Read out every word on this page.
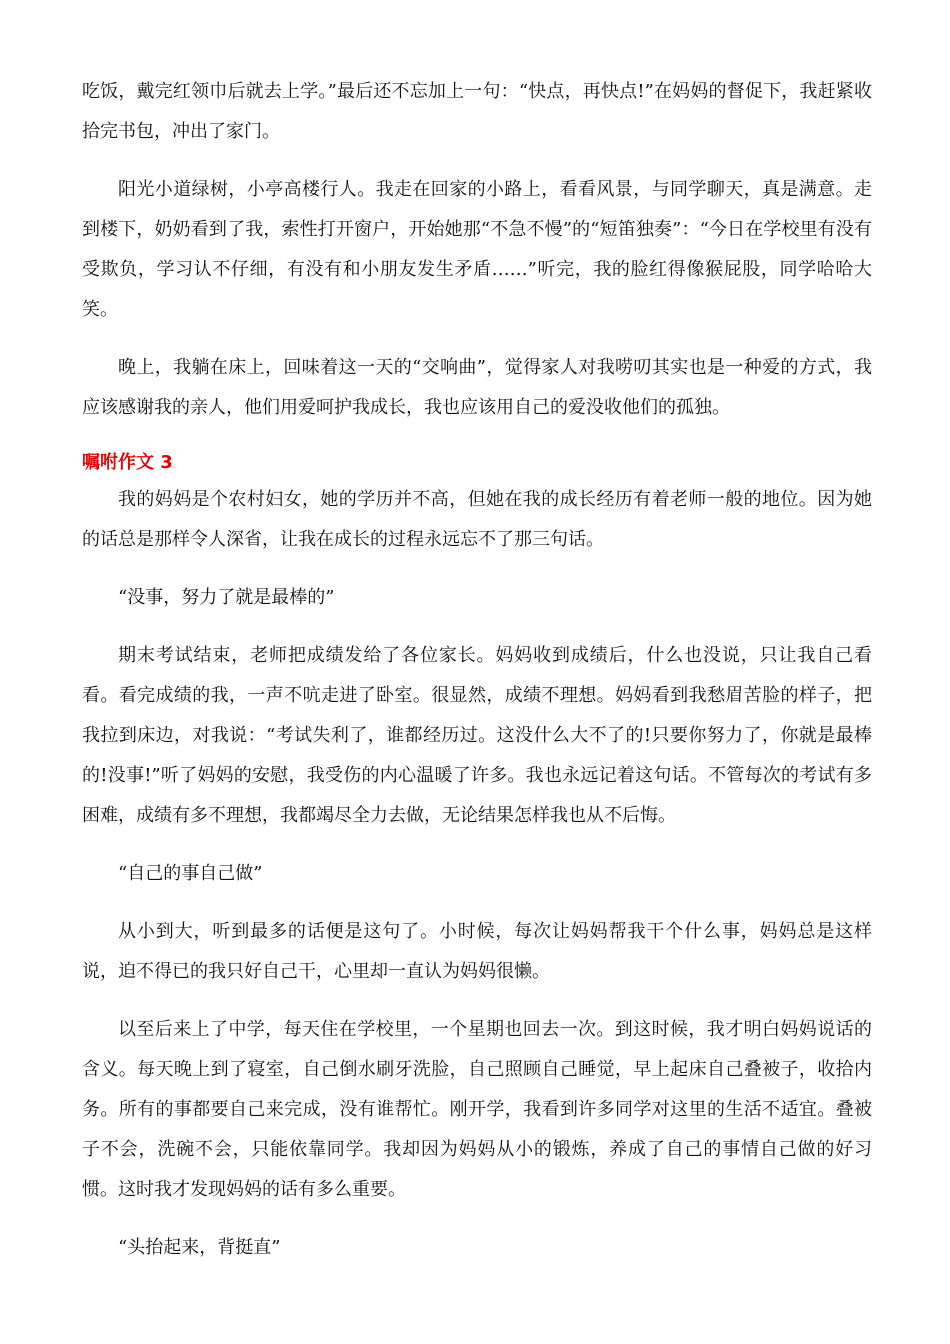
吃饭，戴完红领巾后就去上学。”最后还不忘加上一句：“快点，再快点!”在妈妈的督促下，我赶紧收拾完书包，冲出了家门。

阳光小道绿树，小亭高楼行人。我走在回家的小路上，看看风景，与同学聊天，真是满意。走到楼下，奶奶看到了我，索性打开窗户，开始她那“不急不慢”的“短笛独奏”：“今日在学校里有没有受欺负，学习认不仔细，有没有和小朋友发生矛盾……”听完，我的脸红得像猴屁股，同学哈哈大笑。

晚上，我躺在床上，回味着这一天的“交响曲”，觉得家人对我唠叨其实也是一种爱的方式，我应该感谢我的亲人，他们用爱呵护我成长，我也应该用自己的爱没收他们的孤独。

嘱咐作文 3

我的妈妈是个农村妇女，她的学历并不高，但她在我的成长经历有着老师一般的地位。因为她的话总是那样令人深省，让我在成长的过程永远忘不了那三句话。

“没事，努力了就是最棒的”

期末考试结束，老师把成绩发给了各位家长。妈妈收到成绩后，什么也没说，只让我自己看看。看完成绩的我，一声不吭走进了卧室。很显然，成绩不理想。妈妈看到我愁眉苦脸的样子，把我拉到床边，对我说：“考试失利了，谁都经历过。这没什么大不了的!只要你努力了，你就是最棒的!没事!”听了妈妈的安慰，我受伤的内心温暖了许多。我也永远记着这句话。不管每次的考试有多困难，成绩有多不理想，我都竭尽全力去做，无论结果怎样我也从不后悔。

“自己的事自己做”

从小到大，听到最多的话便是这句了。小时候，每次让妈妈帮我干个什么事，妈妈总是这样说，迫不得已的我只好自己干，心里却一直认为妈妈很懒。

以至后来上了中学，每天住在学校里，一个星期也回去一次。到这时候，我才明白妈妈说话的含义。每天晚上到了寝室，自己倒水刷牙洗脸，自己照顾自己睡觉，早上起床自己叠被子，收拾内务。所有的事都要自己来完成，没有谁帮忙。刚开学，我看到许多同学对这里的生活不适宜。叠被子不会，洗碗不会，只能依靠同学。我却因为妈妈从小的锻炼，养成了自己的事情自己做的好习惯。这时我才发现妈妈的话有多么重要。

“头抬起来，背挺直”
